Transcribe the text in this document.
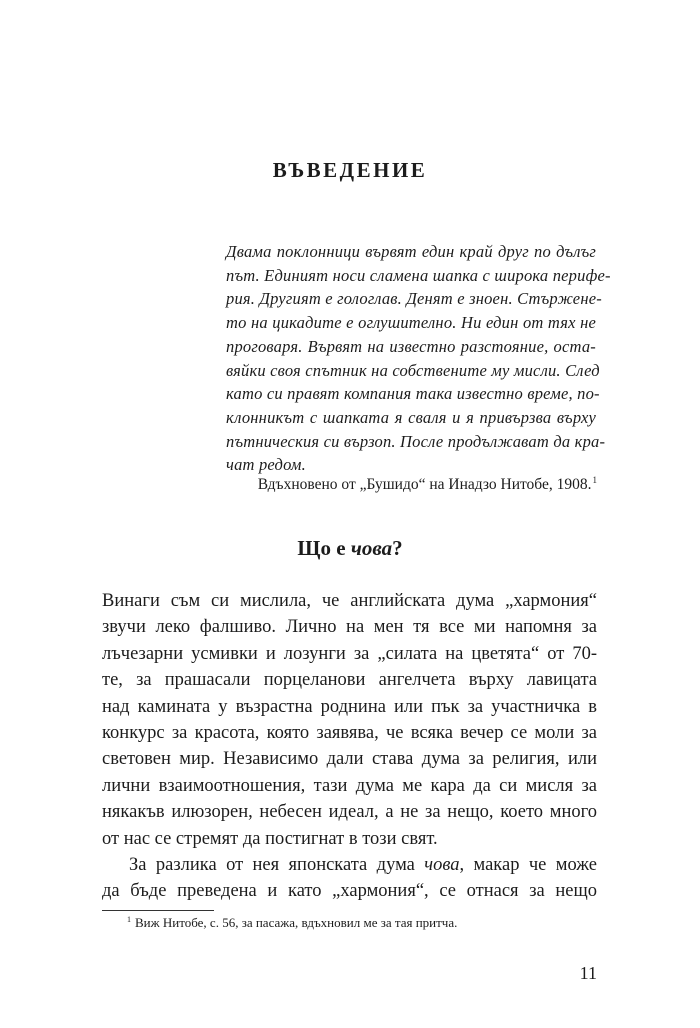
ВЪВЕДЕНИЕ
Двама поклонници вървят един край друг по дълъг
път. Единият носи сламена шапка с широка перифе-
рия. Другият е гологлав. Денят е зноен. Стържене-
то на цикадите е оглушително. Ни един от тях не
проговаря. Вървят на известно разстояние, оста-
вяйки своя спътник на собствените му мисли. След
като си правят компания така известно време, по-
клонникът с шапката я сваля и я привързва върху
пътническия си вързоп. После продължават да кра-
чат редом.

Вдъхновено от „Бушидо“ на Инадзо Нитобе, 1908.$^1$

Що е чова?
Винаги съм си мислила, че английската дума „хармония“
звучи леко фалшиво. Лично на мен тя все ми напомня за
лъчезарни усмивки и лозунги за „силата на цветята“ от 70-
те, за прашасали порцеланови ангелчета върху лавицата
над камината у възрастна роднина или пък за участничка в
конкурс за красота, която заявява, че всяка вечер се моли за
световен мир. Независимо дали става дума за религия, или
лични взаимоотношения, тази дума ме кара да си мисля за
някакъв илюзорен, небесен идеал, а не за нещо, което много
от нас се стремят да постигнат в този свят.
За разлика от нея японската дума чова, макар че може
да бъде преведена и като „хармония“, се отнася за нещо

$^1$ Виж Нитобе, с. 56, за пасажа, вдъхновил ме за тая притча.

11
